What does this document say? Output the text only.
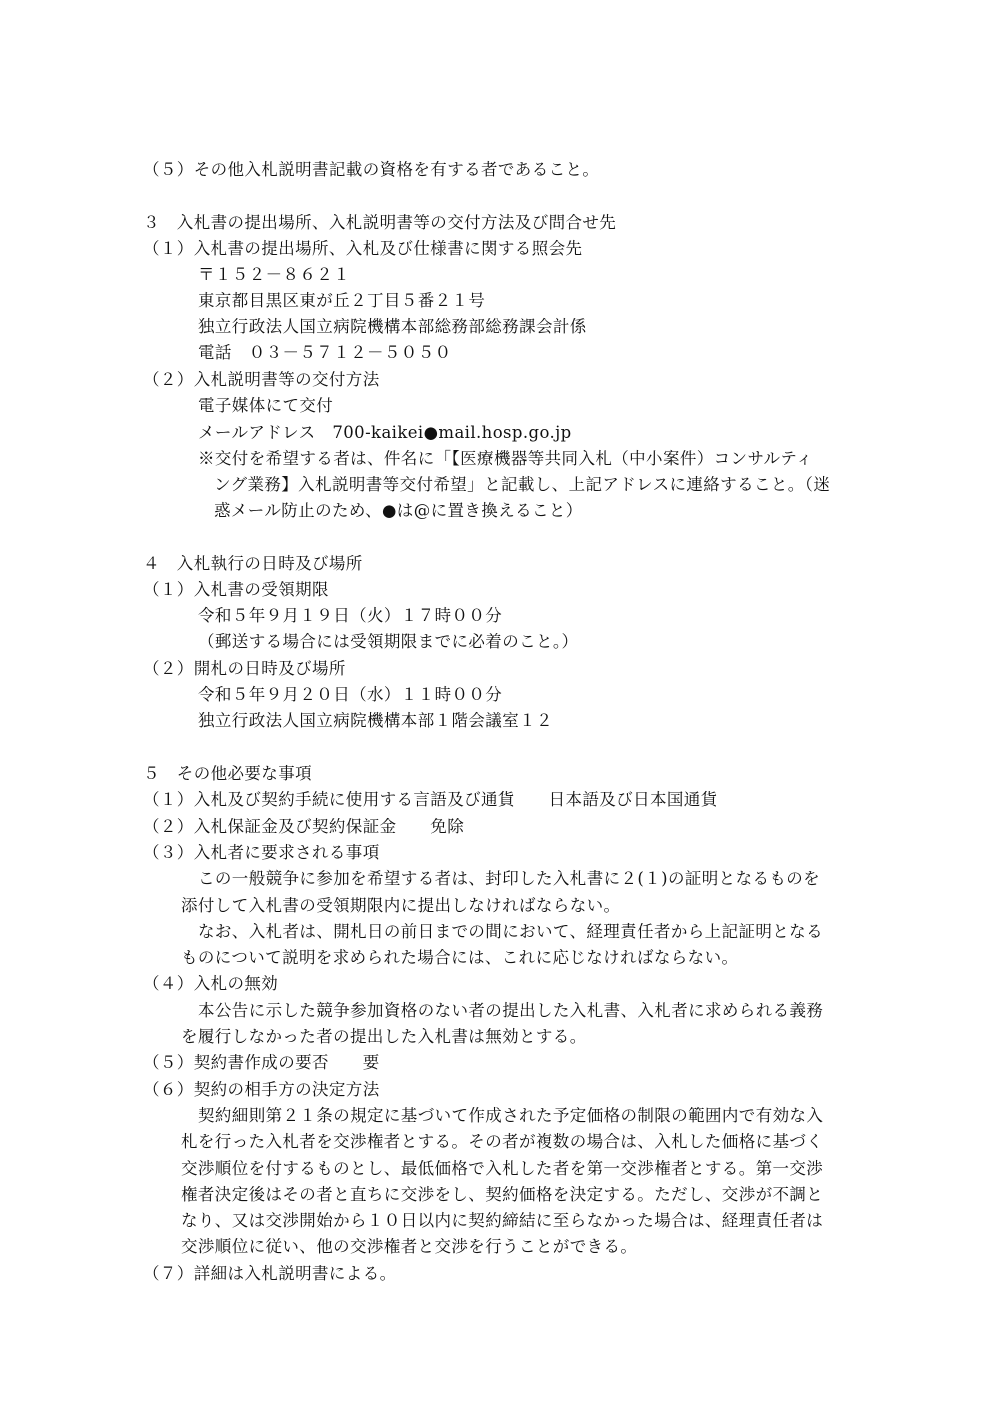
（５）その他入札説明書記載の資格を有する者であること。
３　入札書の提出場所、入札説明書等の交付方法及び問合せ先
（１）入札書の提出場所、入札及び仕様書に関する照会先
〒１５２－８６２１
東京都目黒区東が丘２丁目５番２１号
独立行政法人国立病院機構本部総務部総務課会計係
電話　０３－５７１２－５０５０
（２）入札説明書等の交付方法
電子媒体にて交付
メールアドレス　700-kaikei●mail.hosp.go.jp
※交付を希望する者は、件名に「【医療機器等共同入札（中小案件）コンサルティ
ング業務】入札説明書等交付希望」と記載し、上記アドレスに連絡すること。（迷
惑メール防止のため、●は@に置き換えること）
４　入札執行の日時及び場所
（１）入札書の受領期限
令和５年９月１９日（火）１７時００分
（郵送する場合には受領期限までに必着のこと。）
（２）開札の日時及び場所
令和５年９月２０日（水）１１時００分
独立行政法人国立病院機構本部１階会議室１２
５　その他必要な事項
（１）入札及び契約手続に使用する言語及び通貨　　日本語及び日本国通貨
（２）入札保証金及び契約保証金　　免除
（３）入札者に要求される事項
この一般競争に参加を希望する者は、封印した入札書に２(１)の証明となるものを
添付して入札書の受領期限内に提出しなければならない。
なお、入札者は、開札日の前日までの間において、経理責任者から上記証明となる
ものについて説明を求められた場合には、これに応じなければならない。
（４）入札の無効
本公告に示した競争参加資格のない者の提出した入札書、入札者に求められる義務
を履行しなかった者の提出した入札書は無効とする。
（５）契約書作成の要否　　要
（６）契約の相手方の決定方法
契約細則第２１条の規定に基づいて作成された予定価格の制限の範囲内で有効な入
札を行った入札者を交渉権者とする。その者が複数の場合は、入札した価格に基づく
交渉順位を付するものとし、最低価格で入札した者を第一交渉権者とする。第一交渉
権者決定後はその者と直ちに交渉をし、契約価格を決定する。ただし、交渉が不調と
なり、又は交渉開始から１０日以内に契約締結に至らなかった場合は、経理責任者は
交渉順位に従い、他の交渉権者と交渉を行うことができる。
（７）詳細は入札説明書による。
